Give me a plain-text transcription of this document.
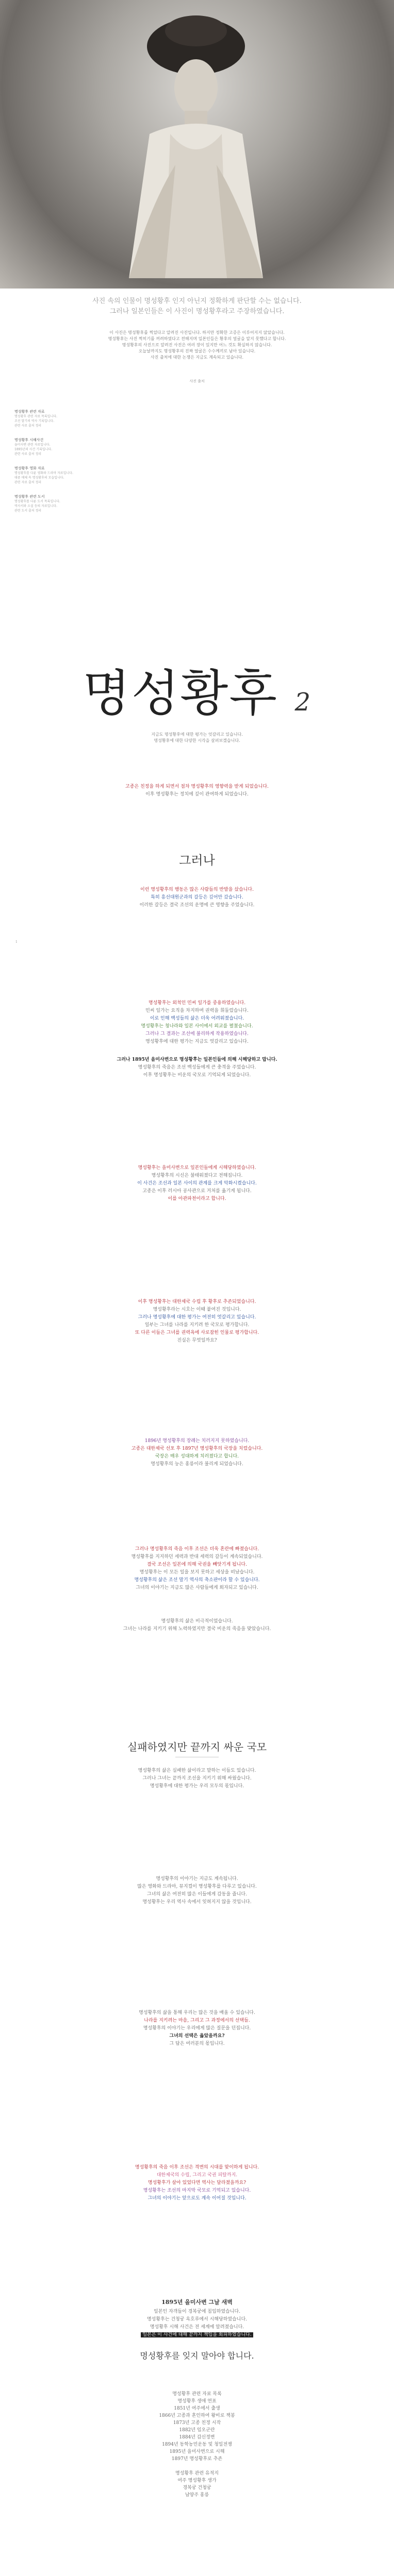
사진 속의 인물이 명성황후 인지 아닌지 정확하게 판단할 수는 없습니다.
그러나 일본인들은 이 사진이 명성황후라고 주장하였습니다.
이 사진은 명성황후를 찍었다고 알려진 사진입니다. 하지만 정확한 고증은 이루어지지 않았습니다.
명성황후는 사진 찍히기를 꺼려하였다고 전해지며 일본인들은 황후의 얼굴을 알지 못했다고 합니다.
명성황후의 사진으로 알려진 사진은 여러 장이 있지만 어느 것도 확실하지 않습니다.
오늘날까지도 명성황후의 진짜 얼굴은 수수께끼로 남아 있습니다.
사진 출처에 대한 논쟁은 지금도 계속되고 있습니다.
사진 출처
명성황후 관련 자료
명성황후 관련 자료 목록입니다.
조선 말기의 역사 기록입니다.
관련 사료 출처 정리
명성황후 시해사건
을미사변 관련 자료입니다.
1895년의 사건 기록입니다.
관련 사료 출처 정리
명성황후 영화 자료
명성황후를 다룬 영화와 드라마 자료입니다.
대중 매체 속 명성황후의 모습입니다.
관련 자료 출처 정리
명성황후 관련 도서
명성황후를 다룬 도서 목록입니다.
역사서와 소설 등의 자료입니다.
관련 도서 출처 정리
명성황후 2
지금도 명성황후에 대한 평가는 엇갈리고 있습니다.
명성황후에 대한 다양한 시각을 살펴보겠습니다.
고종은 친정을 하게 되면서 점차 명성황후의 영향력을 받게 되었습니다.
이후 명성황후는 정치에 깊이 관여하게 되었습니다.
그러나
이런 명성황후의 행동은 많은 사람들의 반발을 샀습니다.
특히 흥선대원군과의 갈등은 깊어만 갔습니다.
이러한 갈등은 결국 조선의 운명에 큰 영향을 주었습니다.
1
명성황후는 외척인 민씨 일가를 중용하였습니다.
민씨 일가는 요직을 차지하며 권력을 휘둘렀습니다.
이로 인해 백성들의 삶은 더욱 어려워졌습니다.
명성황후는 청나라와 일본 사이에서 외교를 펼쳤습니다.
그러나 그 결과는 조선에 불리하게 작용하였습니다.
명성황후에 대한 평가는 지금도 엇갈리고 있습니다.
그러나 1895년 을미사변으로 명성황후는 일본인들에 의해 시해당하고 맙니다.
명성황후의 죽음은 조선 백성들에게 큰 충격을 주었습니다.
이후 명성황후는 비운의 국모로 기억되게 되었습니다.
명성황후는 을미사변으로 일본인들에게 시해당하였습니다.
명성황후의 시신은 불태워졌다고 전해집니다.
이 사건은 조선과 일본 사이의 관계를 크게 악화시켰습니다.
고종은 이후 러시아 공사관으로 거처를 옮기게 됩니다.
이를 아관파천이라고 합니다.
이후 명성황후는 대한제국 수립 후 황후로 추존되었습니다.
명성황후라는 시호는 이때 붙여진 것입니다.
그러나 명성황후에 대한 평가는 여전히 엇갈리고 있습니다.
일부는 그녀를 나라를 지키려 한 국모로 평가합니다.
또 다른 이들은 그녀를 권력욕에 사로잡힌 인물로 평가합니다.
진실은 무엇일까요?
1896년 명성황후의 장례는 치러지지 못하였습니다.
고종은 대한제국 선포 후 1897년 명성황후의 국장을 치렀습니다.
국장은 매우 성대하게 치러졌다고 합니다.
명성황후의 능은 홍릉이라 불리게 되었습니다.
그러나 명성황후의 죽음 이후 조선은 더욱 혼란에 빠졌습니다.
명성황후를 지지하던 세력과 반대 세력의 갈등이 계속되었습니다.
결국 조선은 일본에 의해 국권을 빼앗기게 됩니다.
명성황후는 이 모든 일을 보지 못하고 세상을 떠났습니다.
명성황후의 삶은 조선 말기 역사의 축소판이라 할 수 있습니다.
그녀의 이야기는 지금도 많은 사람들에게 회자되고 있습니다.
명성황후의 삶은 비극적이었습니다.
그녀는 나라를 지키기 위해 노력하였지만 결국 비운의 죽음을 맞았습니다.
실패하였지만 끝까지 싸운 국모
명성황후의 삶은 실패한 삶이라고 말하는 이들도 있습니다.
그러나 그녀는 끝까지 조선을 지키기 위해 싸웠습니다.
명성황후에 대한 평가는 우리 모두의 몫입니다.
명성황후의 이야기는 지금도 계속됩니다.
많은 영화와 드라마, 뮤지컬이 명성황후를 다루고 있습니다.
그녀의 삶은 여전히 많은 이들에게 감동을 줍니다.
명성황후는 우리 역사 속에서 잊혀지지 않을 것입니다.
명성황후의 삶을 통해 우리는 많은 것을 배울 수 있습니다.
나라를 지키려는 마음, 그리고 그 과정에서의 선택들.
명성황후의 이야기는 우리에게 많은 질문을 던집니다.
그녀의 선택은 옳았을까요?
그 답은 여러분의 몫입니다.
명성황후의 죽음 이후 조선은 격변의 시대를 맞이하게 됩니다.
대한제국의 수립, 그리고 국권 피탈까지.
명성황후가 살아 있었다면 역사는 달라졌을까요?
명성황후는 조선의 마지막 국모로 기억되고 있습니다.
그녀의 이야기는 앞으로도 계속 이어질 것입니다.
1895년 을미사변 그날 새벽
일본인 자객들이 경복궁에 침입하였습니다.
명성황후는 건청궁 옥호루에서 시해당하였습니다.
명성황후 시해 사건은 전 세계에 알려졌습니다.
일본은 이 사건에 대해 끝까지 책임을 회피하였습니다.
명성황후를 잊지 말아야 합니다.
명성황후 관련 자료 목록
명성황후 생애 연표
1851년 여주에서 출생
1866년 고종과 혼인하여 왕비로 책봉
1873년 고종 친정 시작
1882년 임오군란
1884년 갑신정변
1894년 동학농민운동 및 청일전쟁
1895년 을미사변으로 시해
1897년 명성황후로 추존
명성황후 관련 유적지
여주 명성황후 생가
경복궁 건청궁
남양주 홍릉
